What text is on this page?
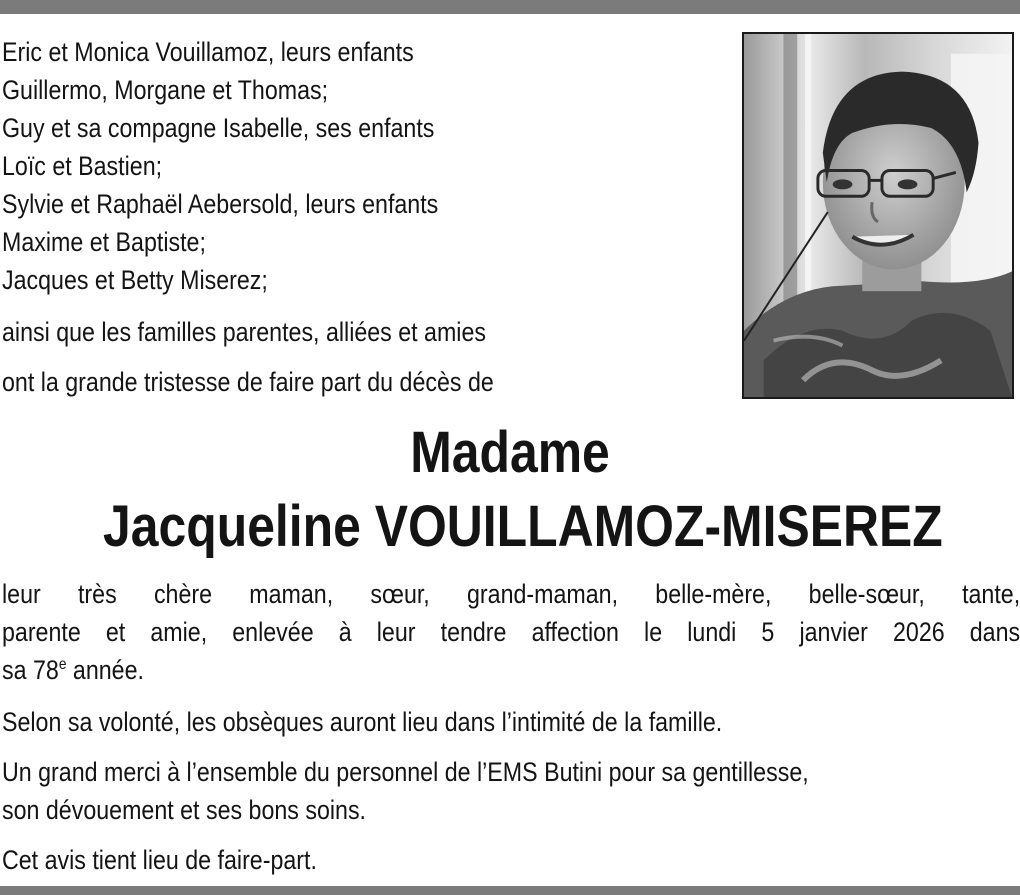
Eric et Monica Vouillamoz, leurs enfants
Guillermo, Morgane et Thomas;
Guy et sa compagne Isabelle, ses enfants
Loïc et Bastien;
Sylvie et Raphaël Aebersold, leurs enfants
Maxime et Baptiste;
Jacques et Betty Miserez;
ainsi que les familles parentes, alliées et amies
ont la grande tristesse de faire part du décès de
Madame
Jacqueline VOUILLAMOZ-MISEREZ
leur très chère maman, sœur, grand-maman, belle-mère, belle-sœur, tante,
parente et amie, enlevée à leur tendre affection le lundi 5 janvier 2026 dans
sa 78e année.
Selon sa volonté, les obsèques auront lieu dans l’intimité de la famille.
Un grand merci à l’ensemble du personnel de l’EMS Butini pour sa gentillesse,
son dévouement et ses bons soins.
Cet avis tient lieu de faire-part.
